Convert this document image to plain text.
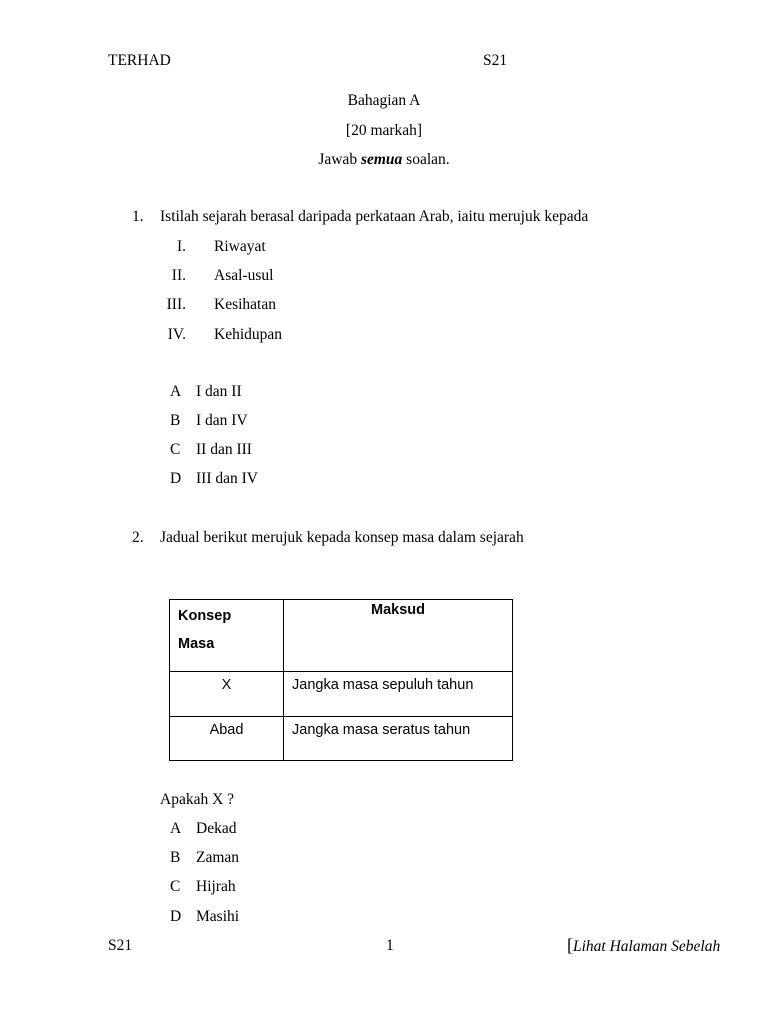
TERHAD	S21
Bahagian A
[20 markah]
Jawab semua soalan.
1. Istilah sejarah berasal daripada perkataan Arab, iaitu merujuk kepada
I. Riwayat
II. Asal-usul
III. Kesihatan
IV. Kehidupan
A I dan II
B I dan IV
C II dan III
D III dan IV
2. Jadual berikut merujuk kepada konsep masa dalam sejarah
Konsep
Masa	Maksud

X	Jangka masa sepuluh tahun

Abad	Jangka masa seratus tahun
Apakah X ?
A Dekad
B Zaman
C Hijrah
D Masihi
S21	1	[Lihat Halaman Sebelah
